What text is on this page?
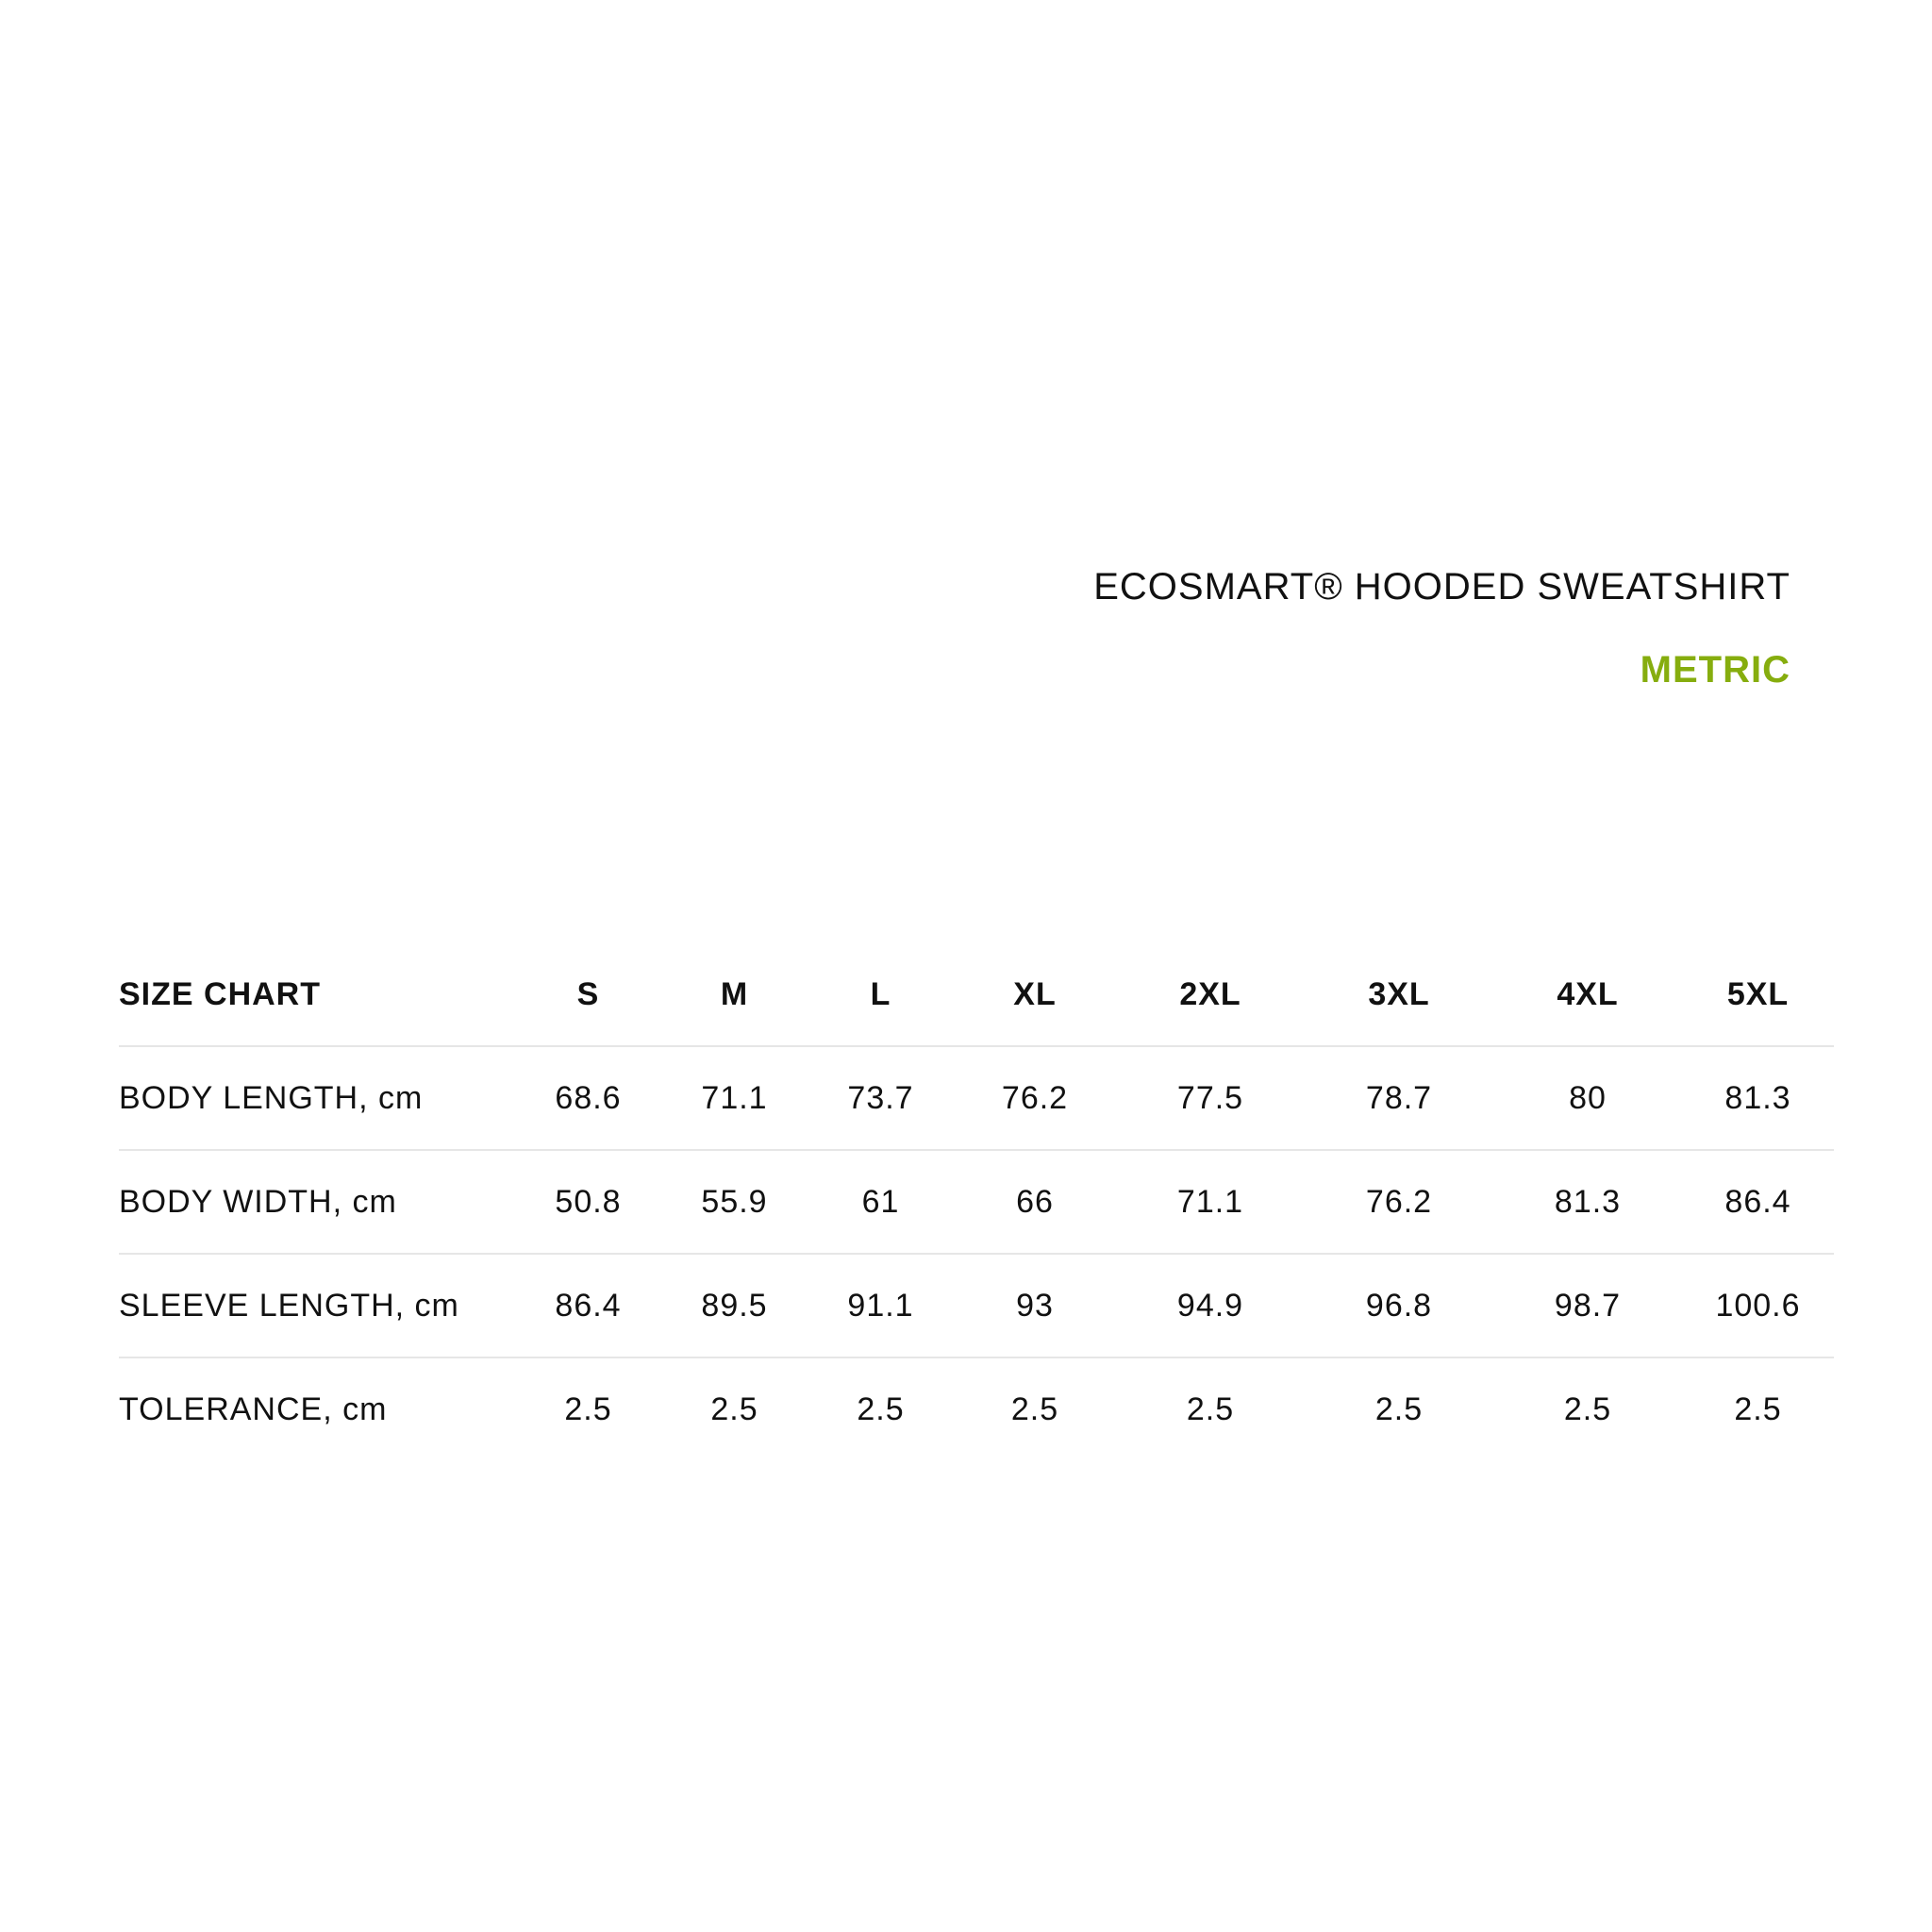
ECOSMART® HOODED SWEATSHIRT
METRIC
SIZE CHART	S	M	L	XL	2XL	3XL	4XL	5XL
BODY LENGTH, cm	68.6	71.1	73.7	76.2	77.5	78.7	80	81.3
BODY WIDTH, cm	50.8	55.9	61	66	71.1	76.2	81.3	86.4
SLEEVE LENGTH, cm	86.4	89.5	91.1	93	94.9	96.8	98.7	100.6
TOLERANCE, cm	2.5	2.5	2.5	2.5	2.5	2.5	2.5	2.5
